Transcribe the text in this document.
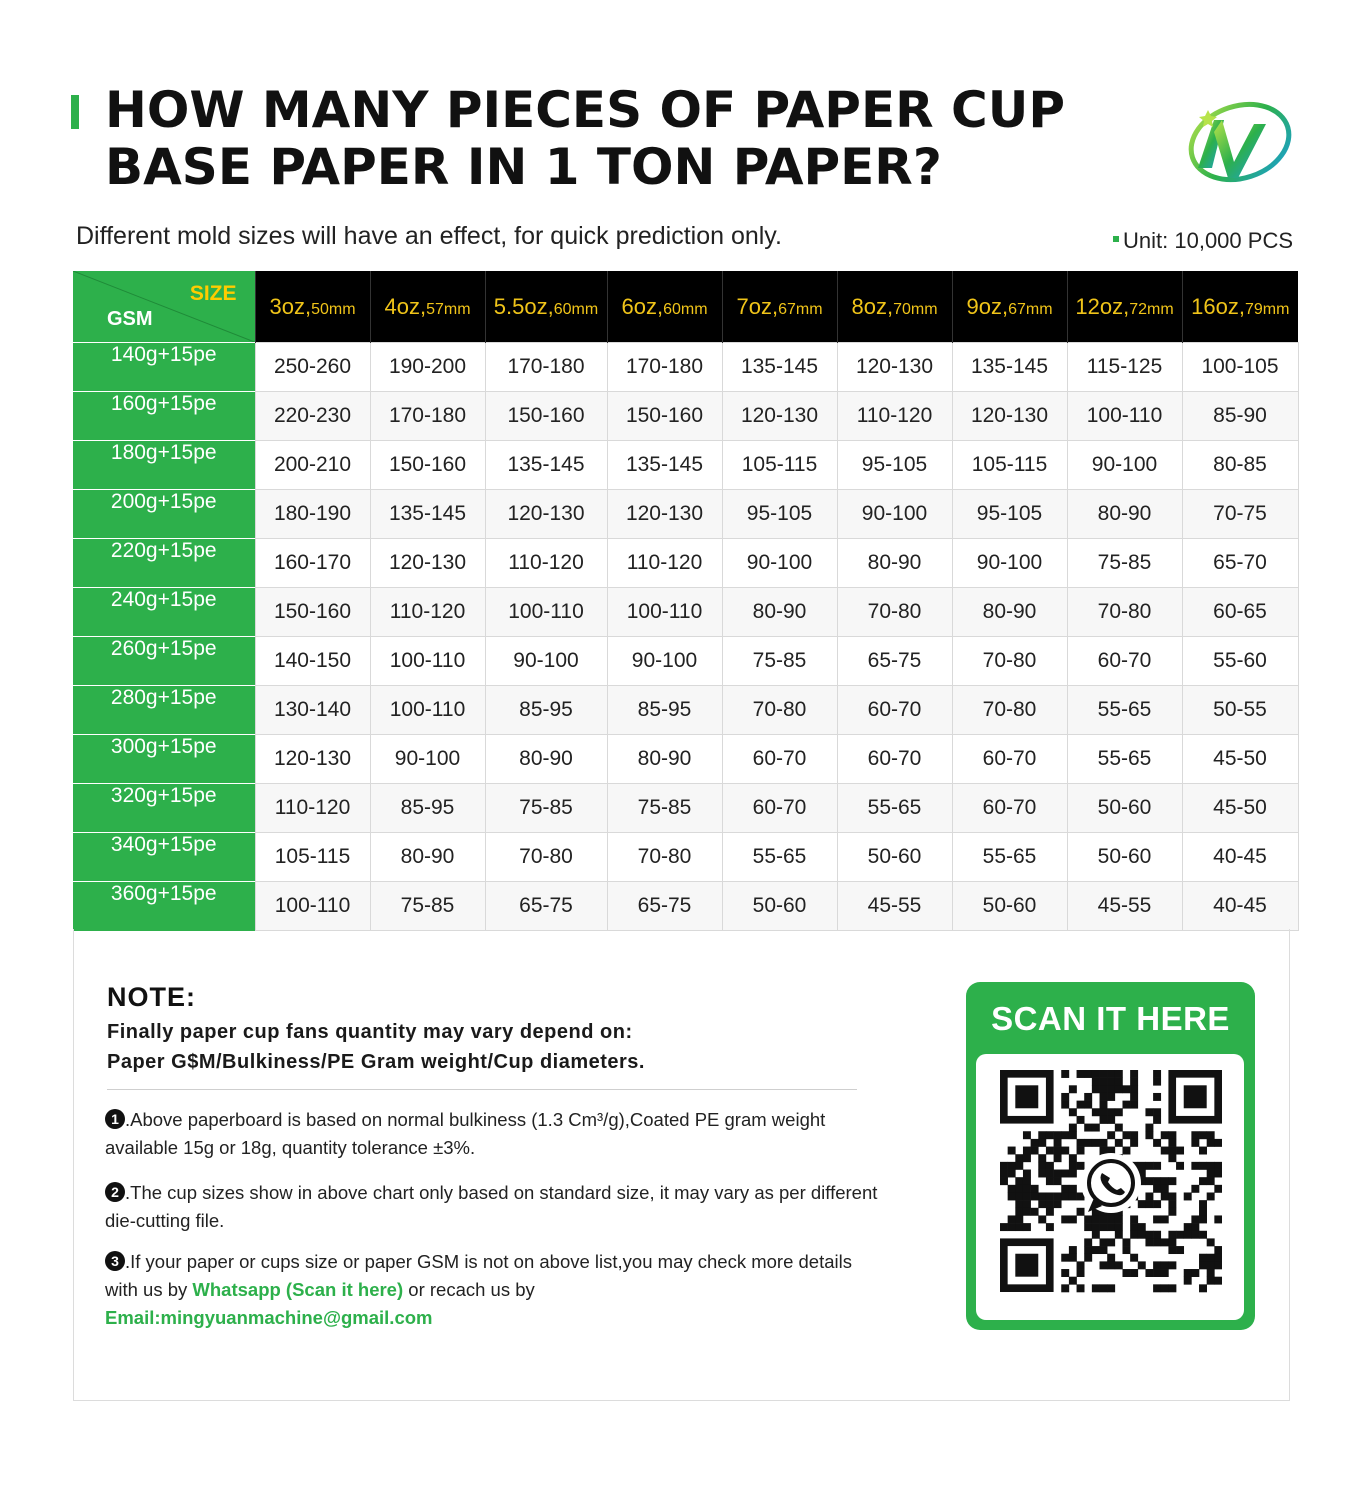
HOW MANY PIECES OF PAPER CUP
BASE PAPER IN 1 TON PAPER?
Different mold sizes will have an effect, for quick prediction only.	Unit: 10,000 PCS
SIZE
GSM	3oz,50mm	4oz,57mm	5.5oz,60mm	6oz,60mm	7oz,67mm	8oz,70mm	9oz,67mm	12oz,72mm	16oz,79mm
140g+15pe	250-260	190-200	170-180	170-180	135-145	120-130	135-145	115-125	100-105
160g+15pe	220-230	170-180	150-160	150-160	120-130	110-120	120-130	100-110	85-90
180g+15pe	200-210	150-160	135-145	135-145	105-115	95-105	105-115	90-100	80-85
200g+15pe	180-190	135-145	120-130	120-130	95-105	90-100	95-105	80-90	70-75
220g+15pe	160-170	120-130	110-120	110-120	90-100	80-90	90-100	75-85	65-70
240g+15pe	150-160	110-120	100-110	100-110	80-90	70-80	80-90	70-80	60-65
260g+15pe	140-150	100-110	90-100	90-100	75-85	65-75	70-80	60-70	55-60
280g+15pe	130-140	100-110	85-95	85-95	70-80	60-70	70-80	55-65	50-55
300g+15pe	120-130	90-100	80-90	80-90	60-70	60-70	60-70	55-65	45-50
320g+15pe	110-120	85-95	75-85	75-85	60-70	55-65	60-70	50-60	45-50
340g+15pe	105-115	80-90	70-80	70-80	55-65	50-60	55-65	50-60	40-45
360g+15pe	100-110	75-85	65-75	65-75	50-60	45-55	50-60	45-55	40-45
NOTE:
Finally paper cup fans quantity may vary depend on:
Paper G$M/Bulkiness/PE Gram weight/Cup diameters.
1 .Above paperboard is based on normal bulkiness (1.3 Cm³/g),Coated PE gram weight available 15g or 18g, quantity tolerance ±3%.
2 .The cup sizes show in above chart only based on standard size, it may vary as per different die-cutting file.
3 .If your paper or cups size or paper GSM is not on above list,you may check more details with us by Whatsapp (Scan it here) or recach us by
Email:mingyuanmachine@gmail.com
SCAN IT HERE
